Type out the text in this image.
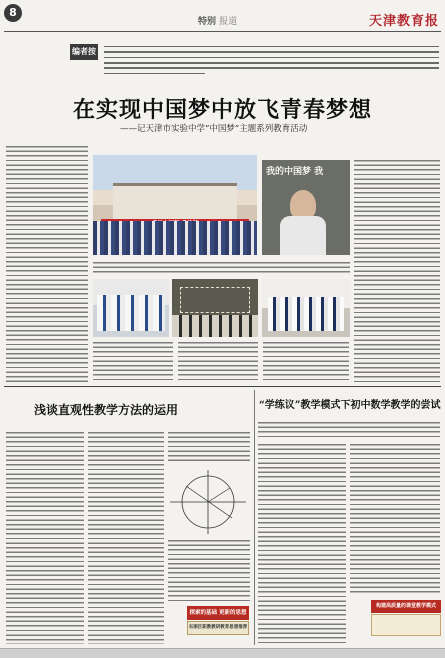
8
特别 报道	天津教育报
编者按
在实现中国梦中放飞青春梦想
——记天津市实验中学“中国梦”主题系列教育活动
我的中国梦 我
浅谈直观性教学方法的运用
探索的基础 更新的思想
东丽区职教教研教育思想推荐
“学练议”教学模式下初中数学教学的尝试
构建高质量的课堂教学模式
